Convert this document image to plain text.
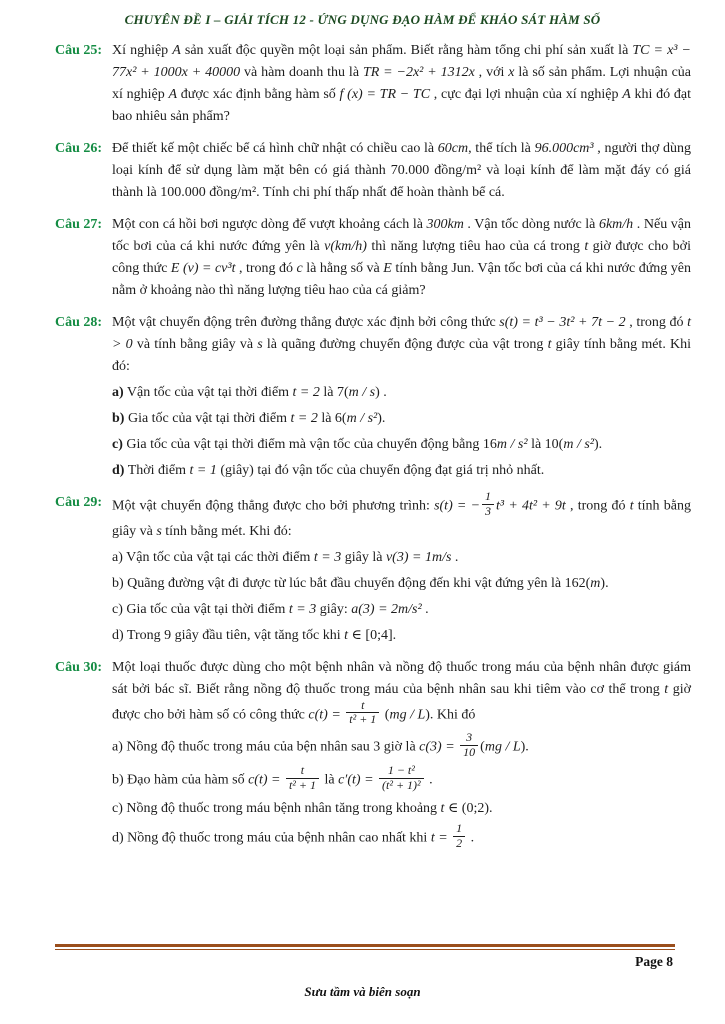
CHUYÊN ĐỀ I – GIẢI TÍCH 12 - ỨNG DỤNG ĐẠO HÀM ĐỂ KHẢO SÁT HÀM SỐ
Câu 25: Xí nghiệp A sản xuất độc quyền một loại sản phẩm. Biết rằng hàm tổng chi phí sản xuất là TC = x³ − 77x² + 1000x + 40000 và hàm doanh thu là TR = −2x² + 1312x , với x là số sản phẩm. Lợi nhuận của xí nghiệp A được xác định bằng hàm số f (x) = TR − TC , cực đại lợi nhuận của xí nghiệp A khi đó đạt bao nhiêu sản phẩm?

Câu 26: Để thiết kế một chiếc bể cá hình chữ nhật có chiều cao là 60cm, thể tích là 96.000cm³ , người thợ dùng loại kính để sử dụng làm mặt bên có giá thành 70.000 đồng/m² và loại kính để làm mặt đáy có giá thành là 100.000 đồng/m². Tính chi phí thấp nhất để hoàn thành bể cá.

Câu 27: Một con cá hồi bơi ngược dòng để vượt khoảng cách là 300km . Vận tốc dòng nước là 6km/h . Nếu vận tốc bơi của cá khi nước đứng yên là v(km/h) thì năng lượng tiêu hao của cá trong t giờ được cho bởi công thức E (v) = cv³t , trong đó c là hằng số và E tính bằng Jun. Vận tốc bơi của cá khi nước đứng yên nằm ở khoảng nào thì năng lượng tiêu hao của cá giảm?

Câu 28: Một vật chuyển động trên đường thẳng được xác định bởi công thức s(t) = t³ − 3t² + 7t − 2 , trong đó t > 0 và tính bằng giây và s là quãng đường chuyển động được của vật trong t giây tính bằng mét. Khi đó:

a) Vận tốc của vật tại thời điểm t = 2 là 7(m / s) .

b) Gia tốc của vật tại thời điểm t = 2 là 6(m / s²).

c) Gia tốc của vật tại thời điểm mà vận tốc của chuyển động bằng 16m / s² là 10(m / s²).

d) Thời điểm t = 1 (giây) tại đó vận tốc của chuyển động đạt giá trị nhỏ nhất.

Câu 29: Một vật chuyển động thẳng được cho bởi phương trình: s(t) = − $\frac{1}{3} t^3 + 4t^2 + 9t$ , trong đó t tính bằng giây và s tính bằng mét. Khi đó:

a) Vận tốc của vật tại các thời điểm t = 3 giây là v(3) = 1m/s .

b) Quãng đường vật đi được từ lúc bắt đầu chuyển động đến khi vật đứng yên là 162(m).

c) Gia tốc của vật tại thời điểm t = 3 giây: a(3) = 2m/s² .

d) Trong 9 giây đầu tiên, vật tăng tốc khi t ∈ [0;4].

Câu 30: Một loại thuốc được dùng cho một bệnh nhân và nồng độ thuốc trong máu của bệnh nhân được giám sát bởi bác sĩ. Biết rằng nồng độ thuốc trong máu của bệnh nhân sau khi tiêm vào cơ thể trong t giờ được cho bởi hàm số có công thức $c(t) = \frac{t}{\text{t² + 1}} (mg / L)$. Khi đó

a) Nồng độ thuốc trong máu của bện nhân sau 3 giờ là $c(3) = \frac{3}{10} (mg / L)$.

b) Đạo hàm của hàm số $c(t) = \frac{t}{\text{t² + 1}}$ là $c'(t) = \frac{\text{1 − t²}}{\text{(t² + 1)²}}$ .

c) Nồng độ thuốc trong máu bệnh nhân tăng trong khoảng t ∈ (0;2).

d) Nồng độ thuốc trong máu của bệnh nhân cao nhất khi $t = \frac{1}{2}$ .

Page 8
Sưu tầm và biên soạn
